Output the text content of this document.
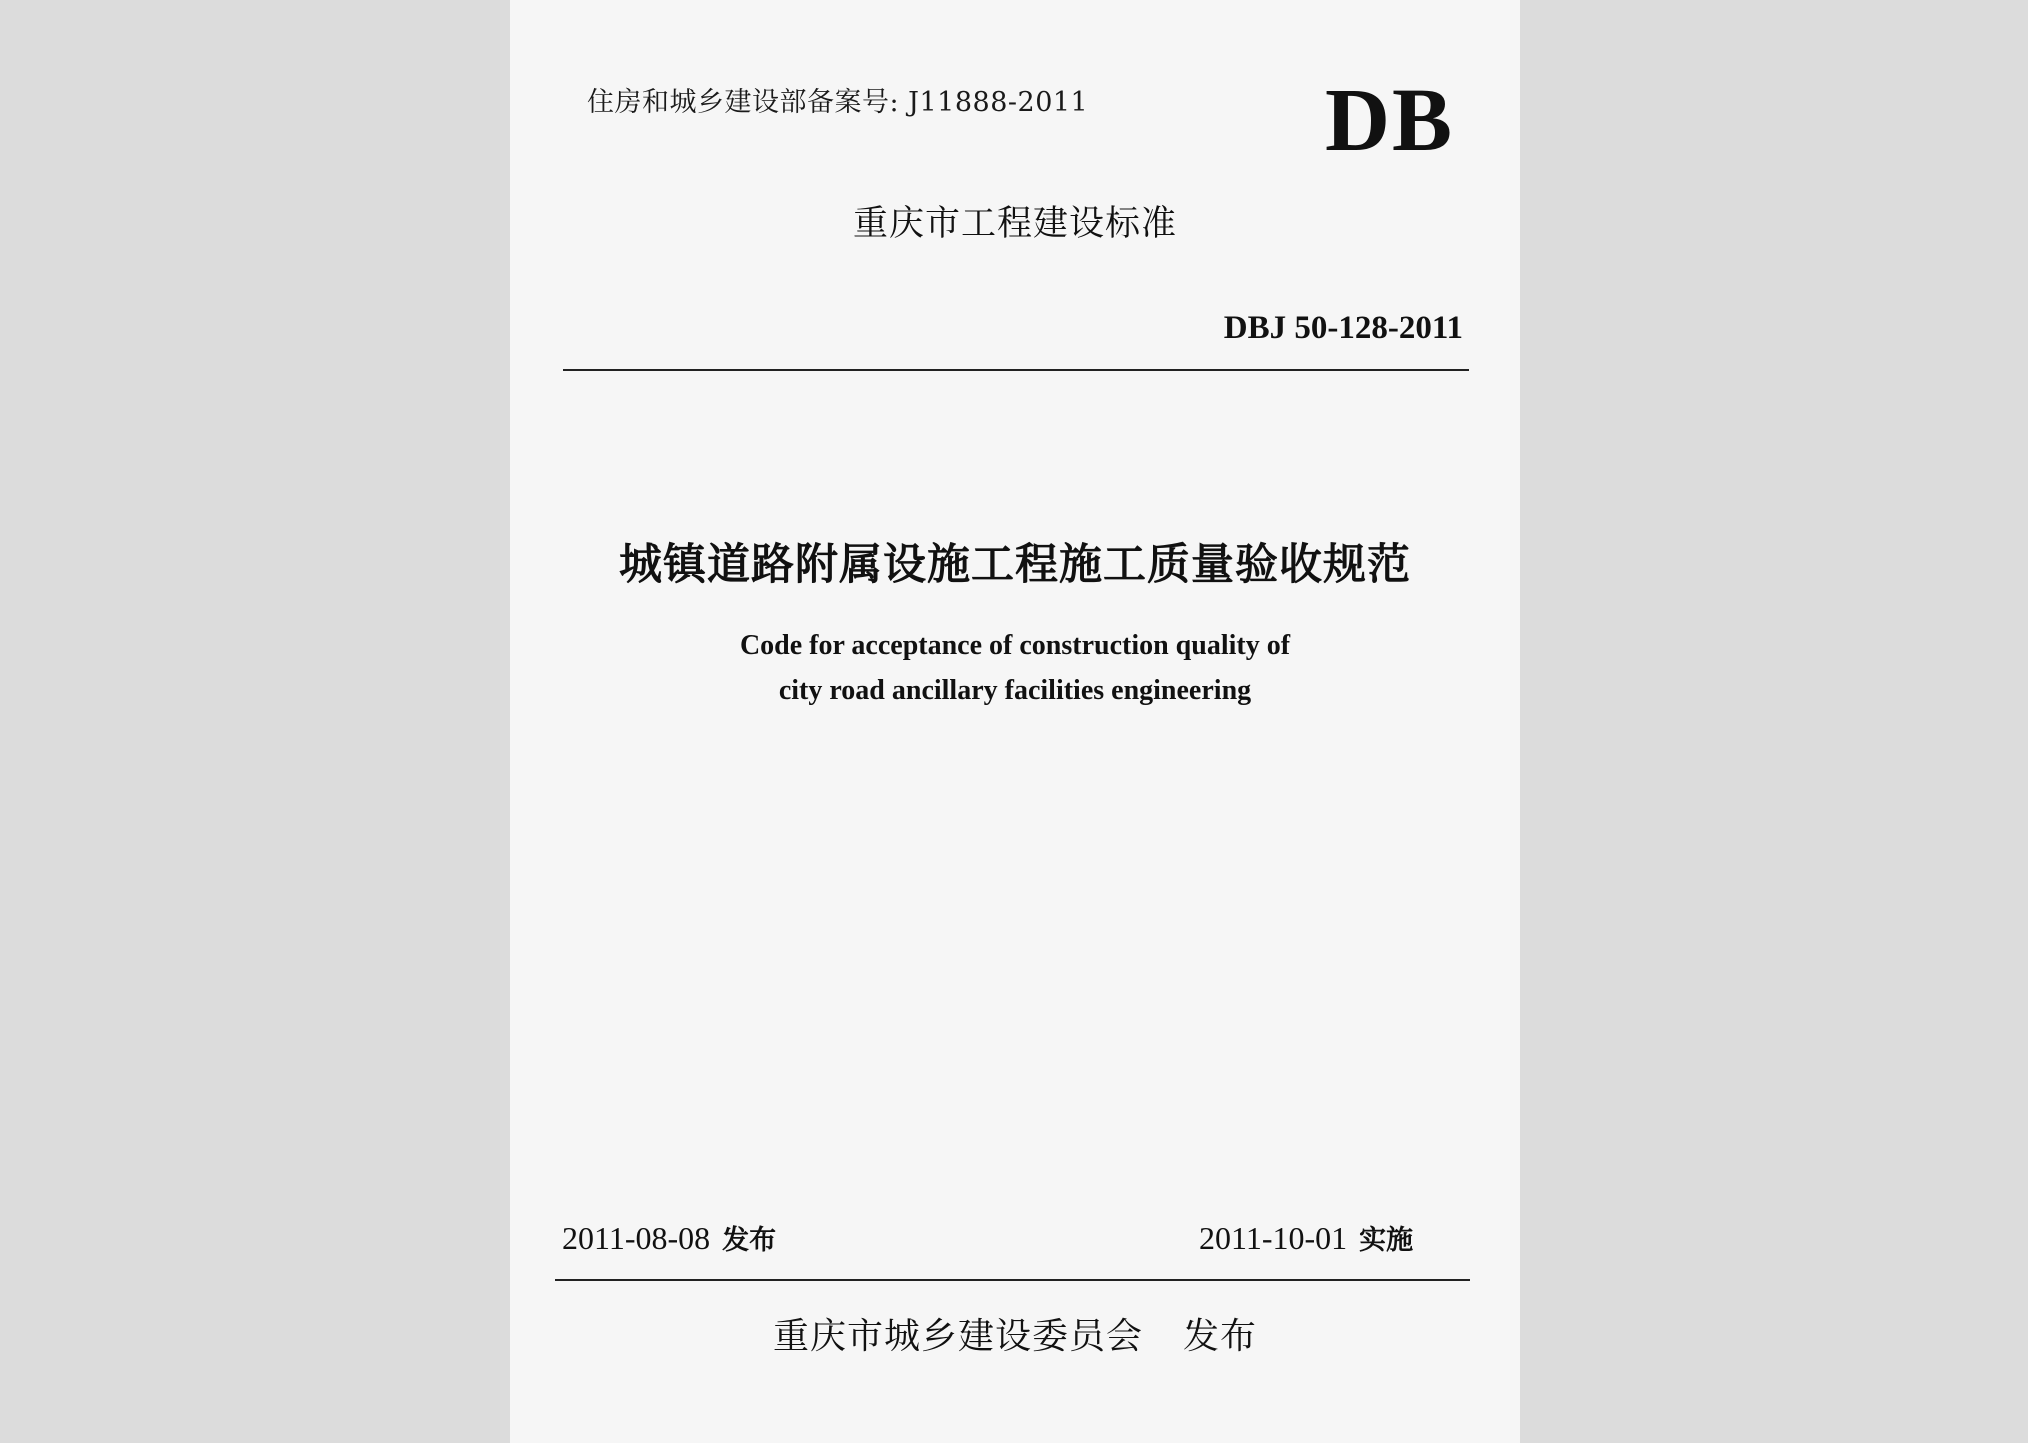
住房和城乡建设部备案号: J11888-2011	DB
重庆市工程建设标准
DBJ 50-128-2011
城镇道路附属设施工程施工质量验收规范
Code for acceptance of construction quality of
city road ancillary facilities engineering
2011-08-08 发布	2011-10-01 实施
重庆市城乡建设委员会 发布
